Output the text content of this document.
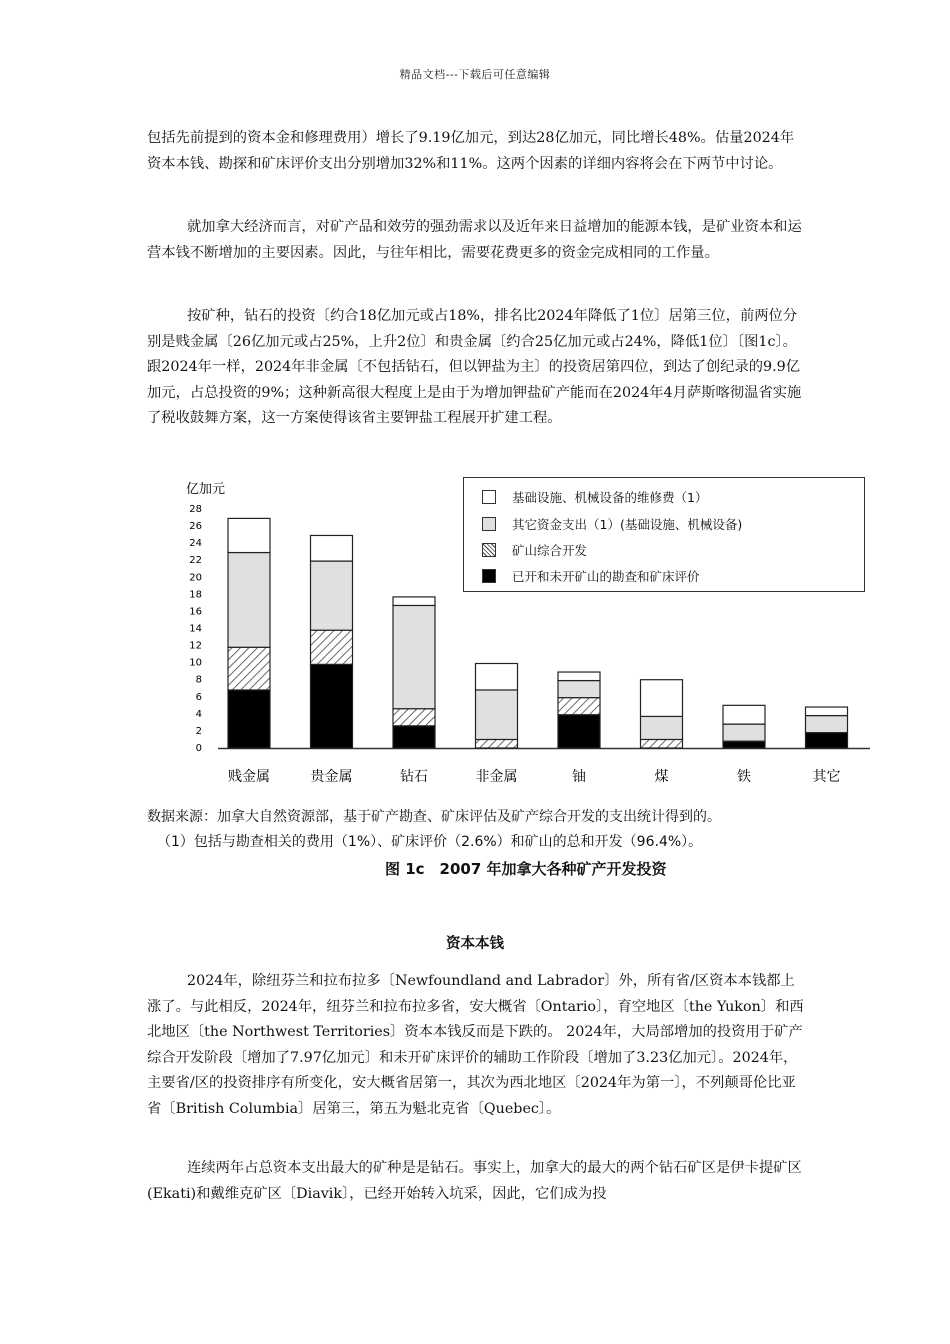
精品文档---下载后可任意编辑

包括先前提到的资本金和修理费用）增长了9.19亿加元，到达28亿加元，同比增长48%。估量2024年资本本钱、勘探和矿床评价支出分别增加32%和11%。这两个因素的详细内容将会在下两节中讨论。

就加拿大经济而言，对矿产品和效劳的强劲需求以及近年来日益增加的能源本钱，是矿业资本和运营本钱不断增加的主要因素。因此，与往年相比，需要花费更多的资金完成相同的工作量。

按矿种，钻石的投资〔约合18亿加元或占18%，排名比2024年降低了1位〕居第三位，前两位分别是贱金属〔26亿加元或占25%，上升2位〕和贵金属〔约合25亿加元或占24%，降低1位〕〔图1c〕。跟2024年一样，2024年非金属〔不包括钻石，但以钾盐为主〕的投资居第四位，到达了创纪录的9.9亿加元，占总投资的9%；这种新高很大程度上是由于为增加钾盐矿产能而在2024年4月萨斯喀彻温省实施了税收鼓舞方案，这一方案使得该省主要钾盐工程展开扩建工程。

亿加元
0
2
4
6
8
10
12
14
16
18
20
22
24
26
28
贱金属	贵金属	钻石	非金属	铀	煤	铁	其它
基础设施、机械设备的维修费（1）
其它资金支出（1）(基础设施、机械设备)
矿山综合开发
已开和未开矿山的勘查和矿床评价

数据来源：加拿大自然资源部，基于矿产勘查、矿床评估及矿产综合开发的支出统计得到的。

（1）包括与勘查相关的费用（1%）、矿床评价（2.6%）和矿山的总和开发（96.4%）。

图 1c　2007 年加拿大各种矿产开发投资

资本本钱

2024年，除纽芬兰和拉布拉多〔Newfoundland and Labrador〕外，所有省/区资本本钱都上涨了。与此相反，2024年，纽芬兰和拉布拉多省，安大概省〔Ontario〕，育空地区〔the Yukon〕和西北地区〔the Northwest Territories〕资本本钱反而是下跌的。 2024年，大局部增加的投资用于矿产综合开发阶段〔增加了7.97亿加元〕和未开矿床评价的辅助工作阶段〔增加了3.23亿加元〕。2024年，主要省/区的投资排序有所变化，安大概省居第一，其次为西北地区〔2024年为第一〕，不列颠哥伦比亚省〔British Columbia〕居第三，第五为魁北克省〔Quebec〕。

连续两年占总资本支出最大的矿种是是钻石。事实上，加拿大的最大的两个钻石矿区是伊卡提矿区(Ekati)和戴维克矿区〔Diavik〕，已经开始转入坑采，因此，它们成为投
